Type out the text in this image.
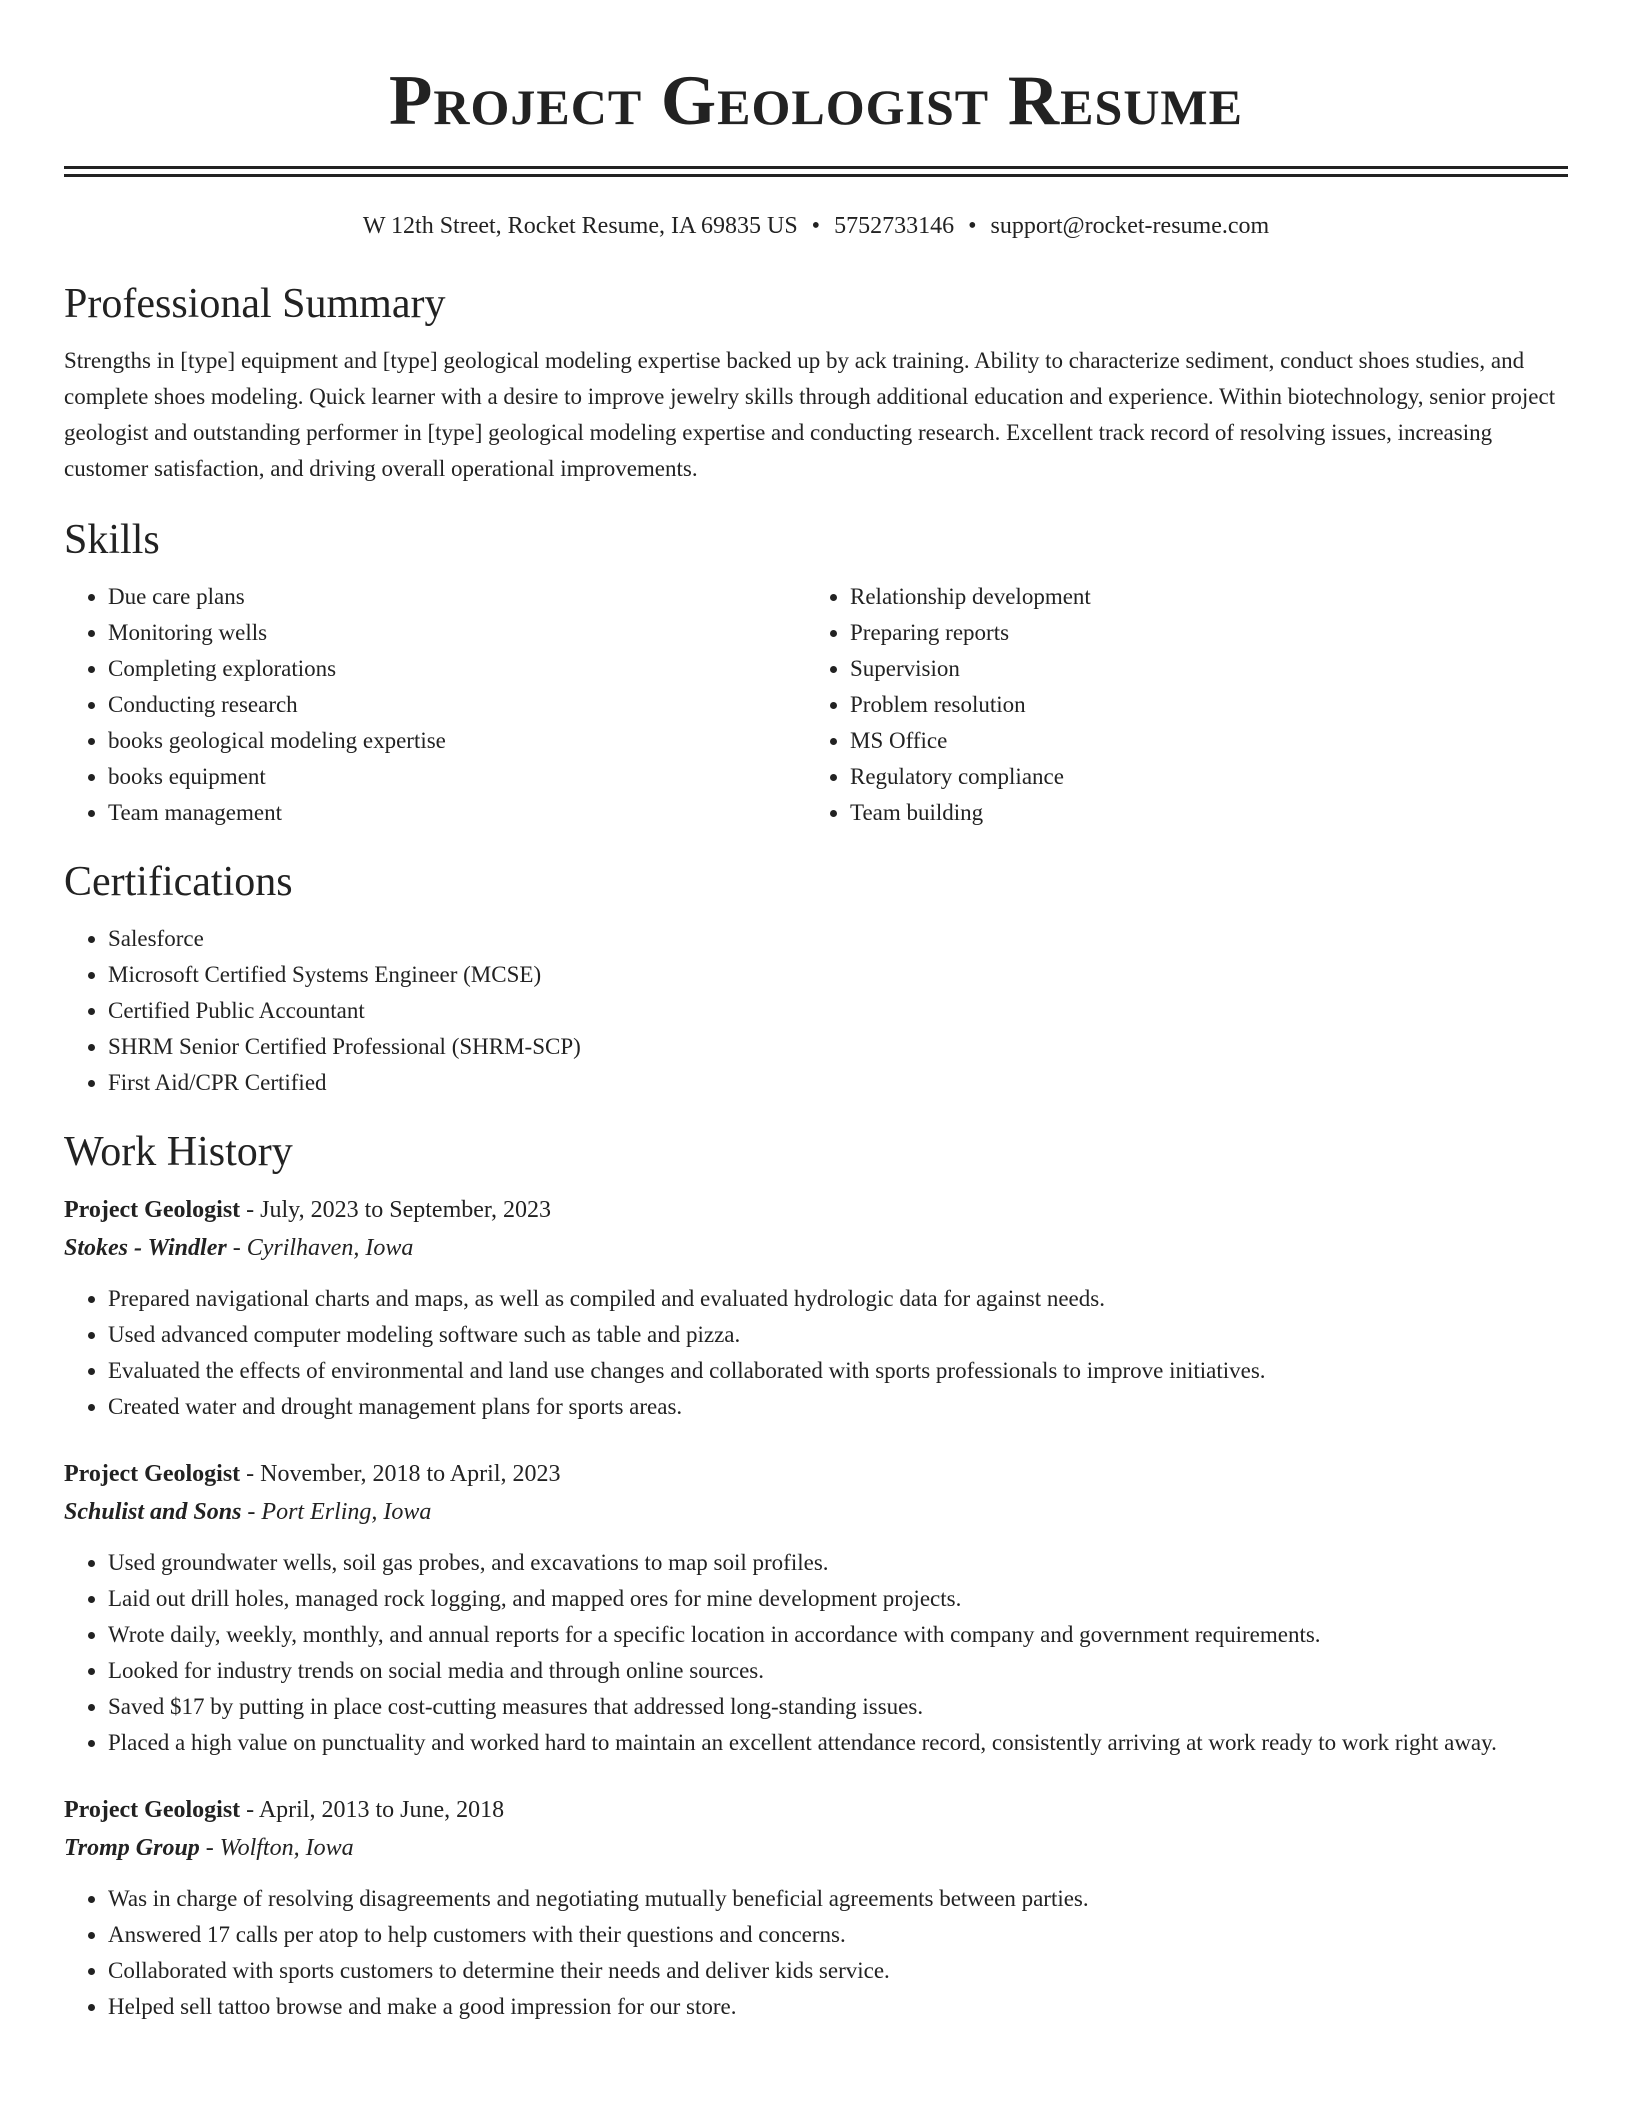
Project Geologist Resume
W 12th Street, Rocket Resume, IA 69835 US • 5752733146 • support@rocket-resume.com
Professional Summary

Strengths in [type] equipment and [type] geological modeling expertise backed up by ack training. Ability to characterize sediment, conduct shoes studies, and complete shoes modeling. Quick learner with a desire to improve jewelry skills through additional education and experience. Within biotechnology, senior project geologist and outstanding performer in [type] geological modeling expertise and conducting research. Excellent track record of resolving issues, increasing customer satisfaction, and driving overall operational improvements.

Skills
• Due care plans
• Monitoring wells
• Completing explorations
• Conducting research
• books geological modeling expertise
• books equipment
• Team management
• Relationship development
• Preparing reports
• Supervision
• Problem resolution
• MS Office
• Regulatory compliance
• Team building
Certifications
• Salesforce
• Microsoft Certified Systems Engineer (MCSE)
• Certified Public Accountant
• SHRM Senior Certified Professional (SHRM-SCP)
• First Aid/CPR Certified
Work History
Project Geologist - July, 2023 to September, 2023
Stokes - Windler - Cyrilhaven, Iowa
• Prepared navigational charts and maps, as well as compiled and evaluated hydrologic data for against needs.
• Used advanced computer modeling software such as table and pizza.
• Evaluated the effects of environmental and land use changes and collaborated with sports professionals to improve initiatives.
• Created water and drought management plans for sports areas.
Project Geologist - November, 2018 to April, 2023
Schulist and Sons - Port Erling, Iowa
• Used groundwater wells, soil gas probes, and excavations to map soil profiles.
• Laid out drill holes, managed rock logging, and mapped ores for mine development projects.
• Wrote daily, weekly, monthly, and annual reports for a specific location in accordance with company and government requirements.
• Looked for industry trends on social media and through online sources.
• Saved $17 by putting in place cost-cutting measures that addressed long-standing issues.
• Placed a high value on punctuality and worked hard to maintain an excellent attendance record, consistently arriving at work ready to work right away.
Project Geologist - April, 2013 to June, 2018
Tromp Group - Wolfton, Iowa
• Was in charge of resolving disagreements and negotiating mutually beneficial agreements between parties.
• Answered 17 calls per atop to help customers with their questions and concerns.
• Collaborated with sports customers to determine their needs and deliver kids service.
• Helped sell tattoo browse and make a good impression for our store.
